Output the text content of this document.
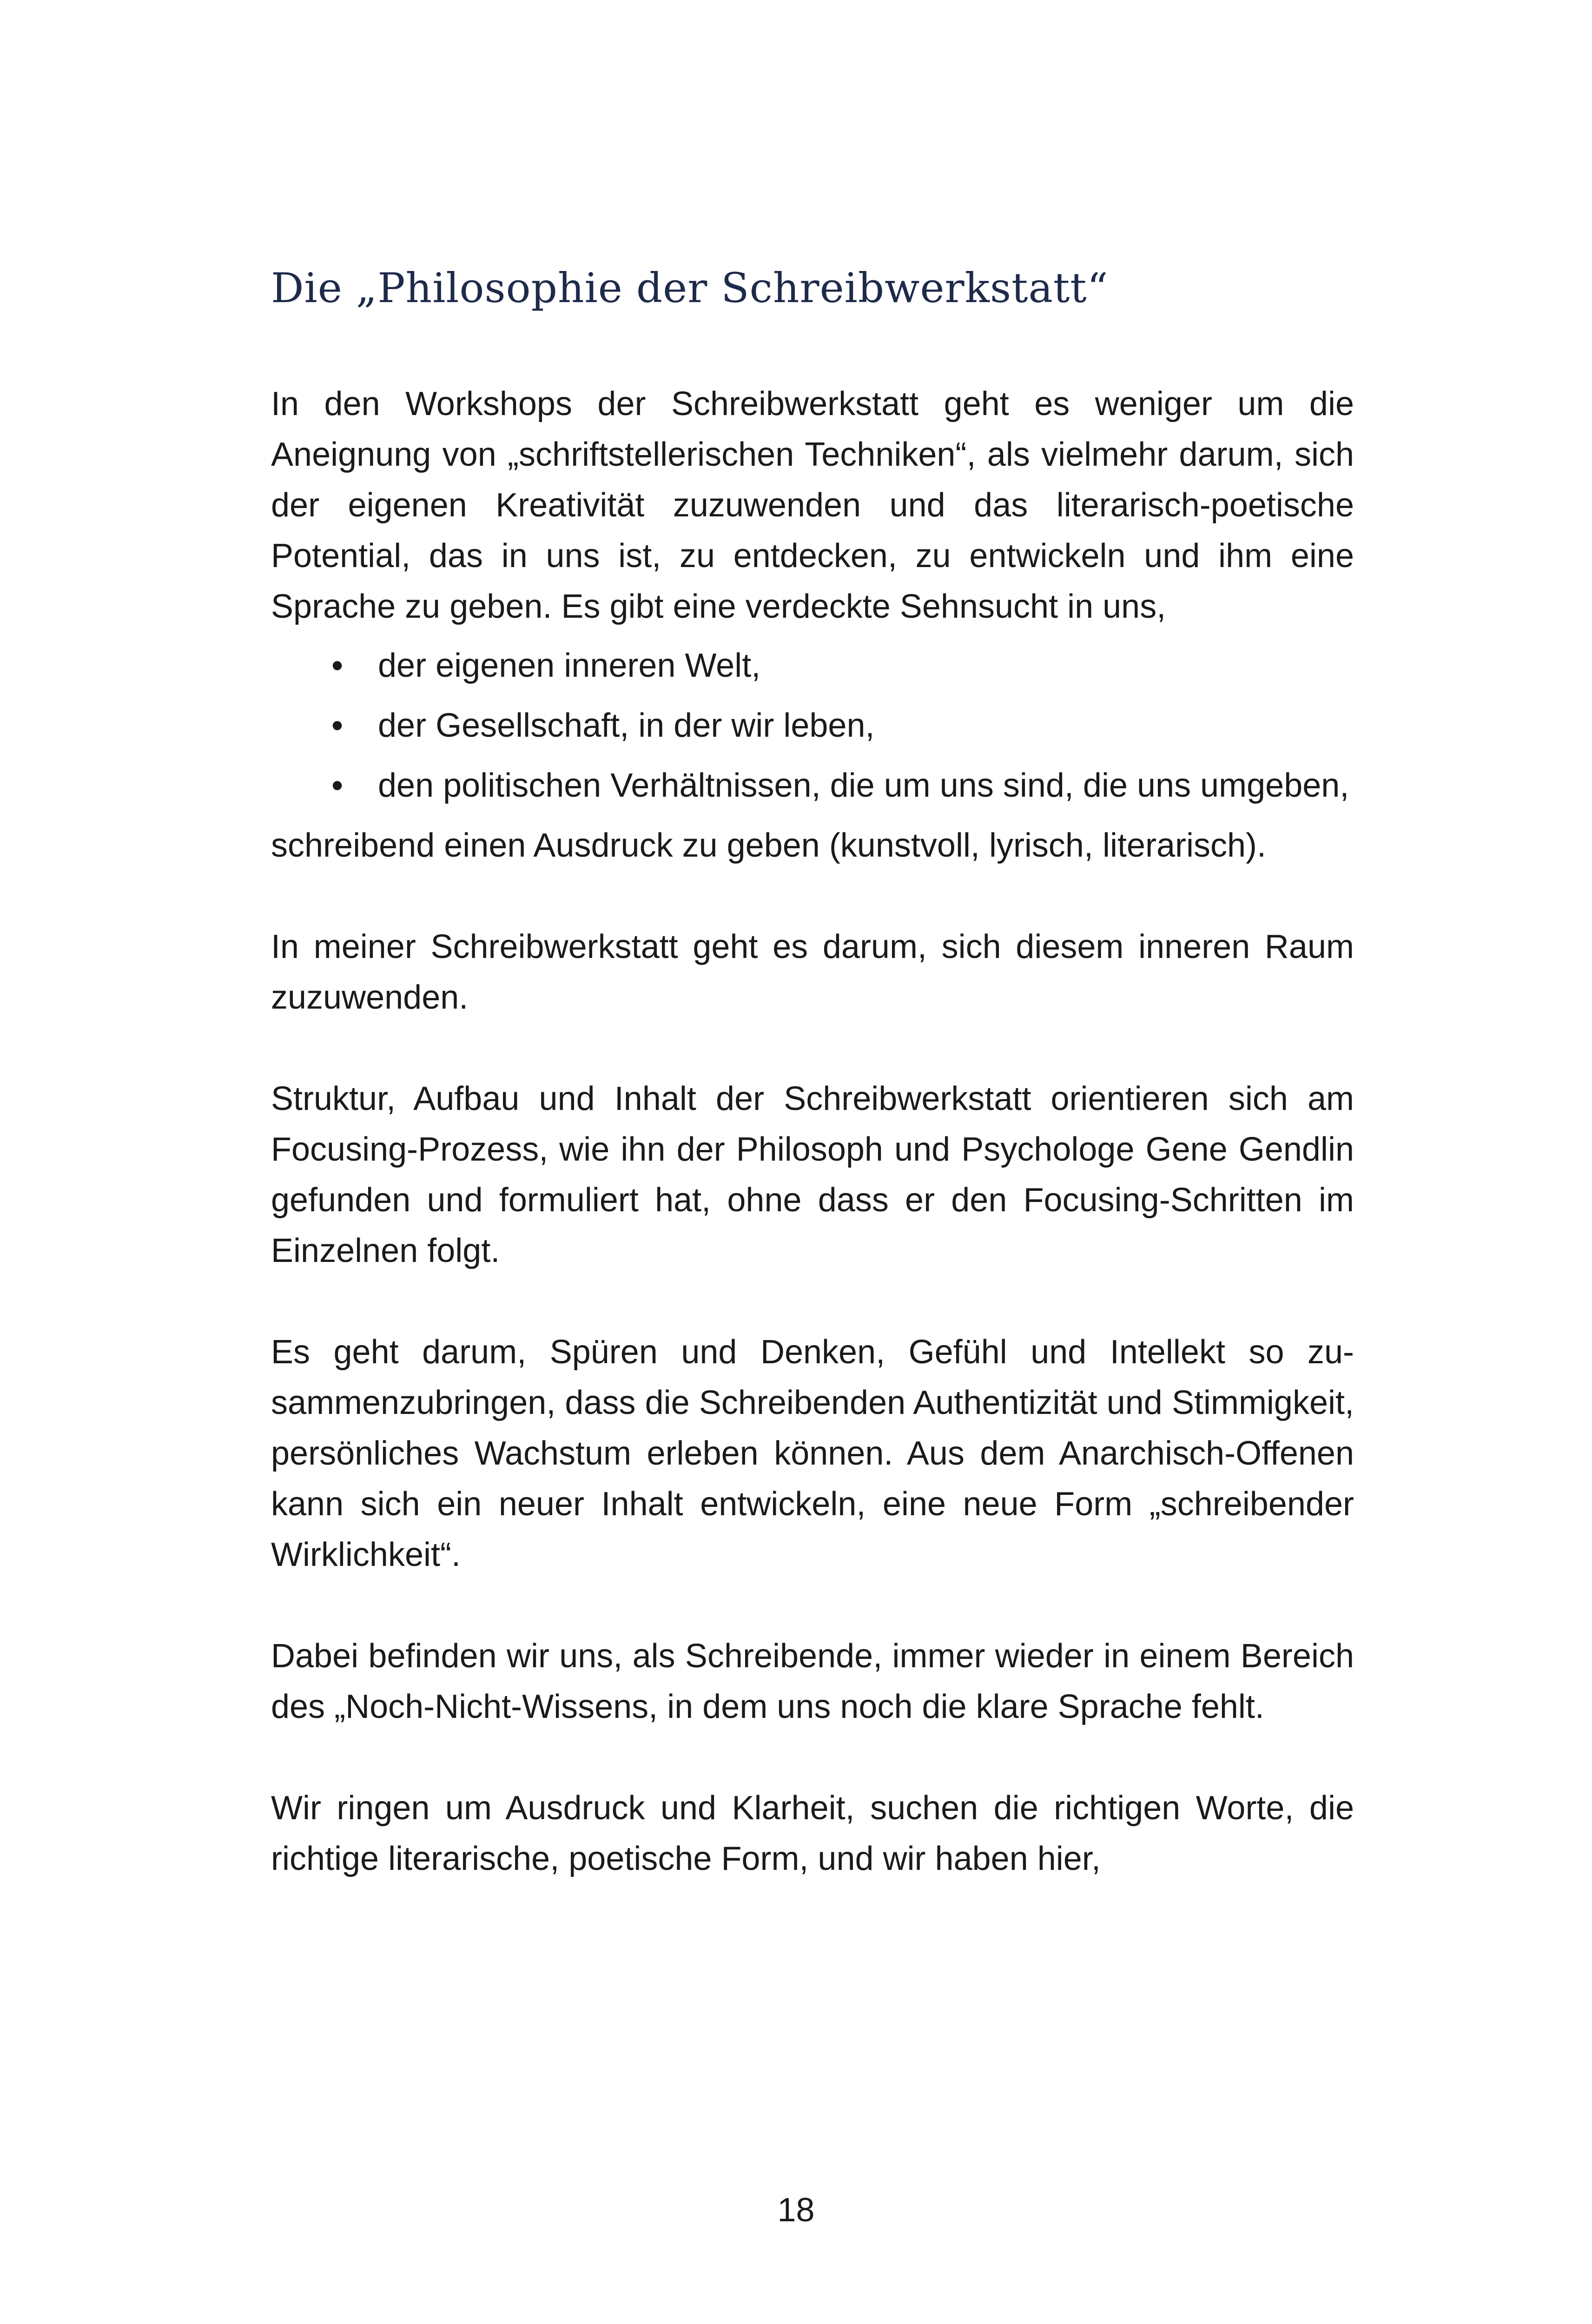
Die „Philosophie der Schreibwerkstatt“

In den Workshops der Schreibwerkstatt geht es weniger um die Aneignung von „schriftstellerischen Techniken“, als vielmehr darum, sich der eigenen Kreativität zuzuwenden und das literarisch-poetische Potential, das in uns ist, zu entdecken, zu entwickeln und ihm eine Sprache zu geben. Es gibt eine verdeckte Sehnsucht in uns,

• der eigenen inneren Welt,
• der Gesellschaft, in der wir leben,
• den politischen Verhältnissen, die um uns sind, die uns umgeben,

schreibend einen Ausdruck zu geben (kunstvoll, lyrisch, literarisch).

In meiner Schreibwerkstatt geht es darum, sich diesem inneren Raum zuzuwenden.

Struktur, Aufbau und Inhalt der Schreibwerkstatt orientieren sich am Focusing-Prozess, wie ihn der Philosoph und Psychologe Gene Gendlin gefunden und formuliert hat, ohne dass er den Focusing-Schritten im Einzelnen folgt.

Es geht darum, Spüren und Denken, Gefühl und Intellekt so zusammenzubringen, dass die Schreibenden Authentizität und Stimmigkeit, persönliches Wachstum erleben können. Aus dem Anarchisch-Offenen kann sich ein neuer Inhalt entwickeln, eine neue Form „schreibender Wirklichkeit“.

Dabei befinden wir uns, als Schreibende, immer wieder in einem Bereich des „Noch-Nicht-Wissens, in dem uns noch die klare Sprache fehlt.

Wir ringen um Ausdruck und Klarheit, suchen die richtigen Worte, die richtige literarische, poetische Form, und wir haben hier,

18
